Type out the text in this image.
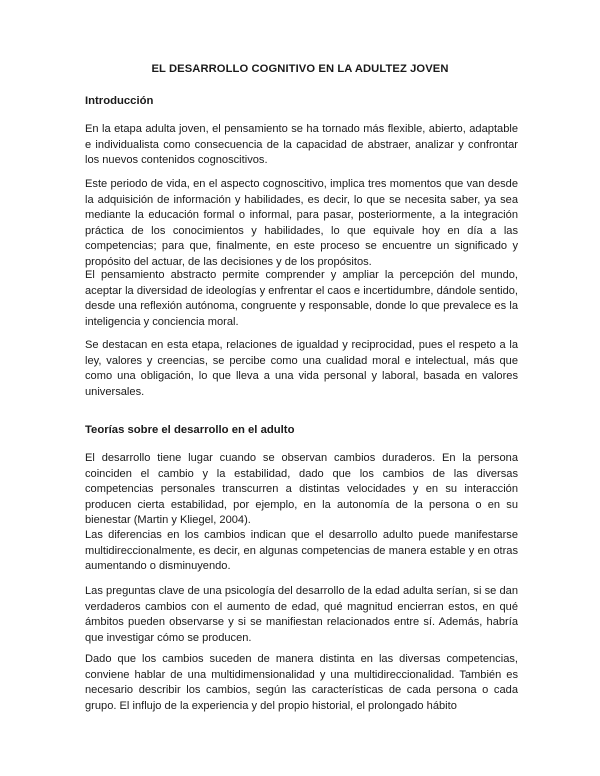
EL DESARROLLO COGNITIVO EN LA ADULTEZ JOVEN
Introducción

En la etapa adulta joven, el pensamiento se ha tornado más flexible, abierto, adaptable e individualista como consecuencia de la capacidad de abstraer, analizar y confrontar los nuevos contenidos cognoscitivos.

Este periodo de vida, en el aspecto cognoscitivo, implica tres momentos que van desde la adquisición de información y habilidades, es decir, lo que se necesita saber, ya sea mediante la educación formal o informal, para pasar, posteriormente, a la integración práctica de los conocimientos y habilidades, lo que equivale hoy en día a las competencias; para que, finalmente, en este proceso se encuentre un significado y propósito del actuar, de las decisiones y de los propósitos.

El pensamiento abstracto permite comprender y ampliar la percepción del mundo, aceptar la diversidad de ideologías y enfrentar el caos e incertidumbre, dándole sentido, desde una reflexión autónoma, congruente y responsable, donde lo que prevalece es la inteligencia y conciencia moral.

Se destacan en esta etapa, relaciones de igualdad y reciprocidad, pues el respeto a la ley, valores y creencias, se percibe como una cualidad moral e intelectual, más que como una obligación, lo que lleva a una vida personal y laboral, basada en valores universales.

Teorías sobre el desarrollo en el adulto

El desarrollo tiene lugar cuando se observan cambios duraderos. En la persona coinciden el cambio y la estabilidad, dado que los cambios de las diversas competencias personales transcurren a distintas velocidades y en su interacción producen cierta estabilidad, por ejemplo, en la autonomía de la persona o en su bienestar (Martin y Kliegel, 2004).

Las diferencias en los cambios indican que el desarrollo adulto puede manifestarse multidireccionalmente, es decir, en algunas competencias de manera estable y en otras aumentando o disminuyendo.

Las preguntas clave de una psicología del desarrollo de la edad adulta serían, si se dan verdaderos cambios con el aumento de edad, qué magnitud encierran estos, en qué ámbitos pueden observarse y si se manifiestan relacionados entre sí. Además, habría que investigar cómo se producen.

Dado que los cambios suceden de manera distinta en las diversas competencias, conviene hablar de una multidimensionalidad y una multidireccionalidad. También es necesario describir los cambios, según las características de cada persona o cada grupo. El influjo de la experiencia y del propio historial, el prolongado hábito
